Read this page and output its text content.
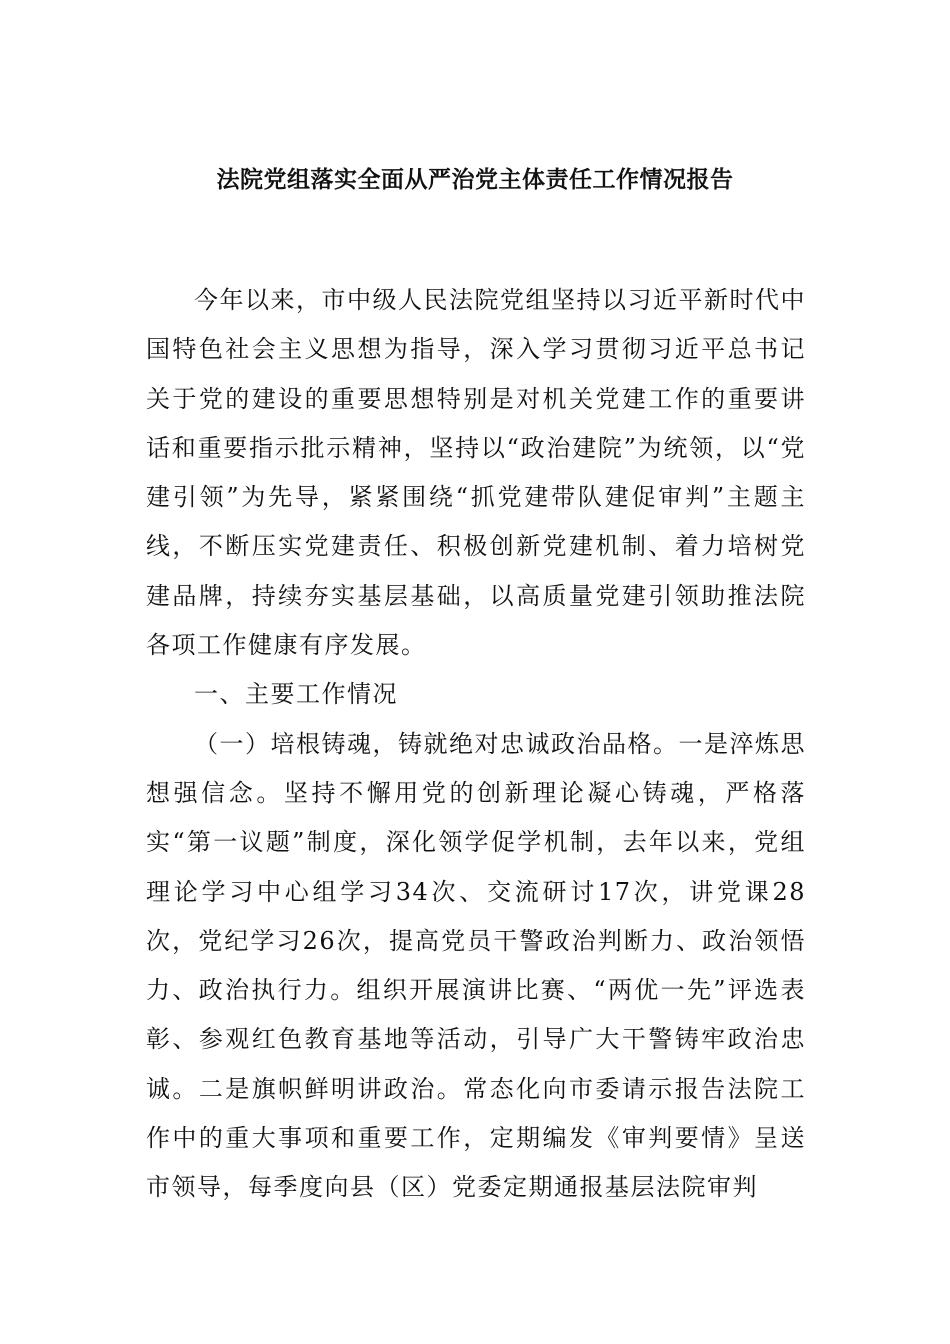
法院党组落实全面从严治党主体责任工作情况报告

今年以来，市中级人民法院党组坚持以习近平新时代中国特色社会主义思想为指导，深入学习贯彻习近平总书记关于党的建设的重要思想特别是对机关党建工作的重要讲话和重要指示批示精神，坚持以“政治建院”为统领，以“党建引领”为先导，紧紧围绕“抓党建带队建促审判”主题主线，不断压实党建责任、积极创新党建机制、着力培树党建品牌，持续夯实基层基础，以高质量党建引领助推法院各项工作健康有序发展。

一、主要工作情况

（一）培根铸魂，铸就绝对忠诚政治品格。一是淬炼思想强信念。坚持不懈用党的创新理论凝心铸魂，严格落实“第一议题”制度，深化领学促学机制，去年以来，党组理论学习中心组学习34次、交流研讨17次，讲党课28次，党纪学习26次，提高党员干警政治判断力、政治领悟力、政治执行力。组织开展演讲比赛、“两优一先”评选表彰、参观红色教育基地等活动，引导广大干警铸牢政治忠诚。二是旗帜鲜明讲政治。常态化向市委请示报告法院工作中的重大事项和重要工作，定期编发《审判要情》呈送市领导，每季度向县（区）党委定期通报基层法院审判
